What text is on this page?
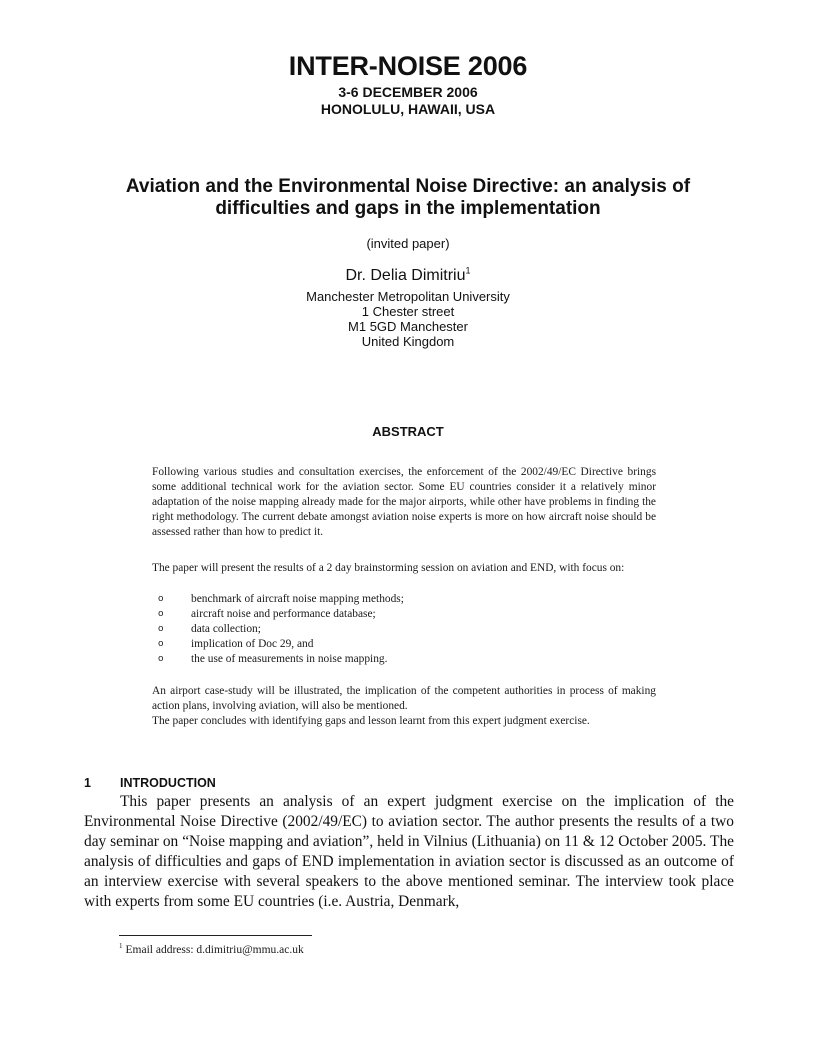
INTER-NOISE 2006
3-6 DECEMBER 2006
HONOLULU, HAWAII, USA
Aviation and the Environmental Noise Directive: an analysis of
difficulties and gaps in the implementation
(invited paper)
Dr. Delia Dimitriu$^1$
Manchester Metropolitan University
1 Chester street
M1 5GD Manchester
United Kingdom
ABSTRACT

Following various studies and consultation exercises, the enforcement of the 2002/49/EC Directive brings some additional technical work for the aviation sector. Some EU countries consider it a relatively minor adaptation of the noise mapping already made for the major airports, while other have problems in finding the right methodology. The current debate amongst aviation noise experts is more on how aircraft noise should be assessed rather than how to predict it.

The paper will present the results of a 2 day brainstorming session on aviation and END, with focus on:

o benchmark of aircraft noise mapping methods;
o aircraft noise and performance database;
o data collection;
o implication of Doc 29, and
o the use of measurements in noise mapping.

An airport case-study will be illustrated, the implication of the competent authorities in process of making action plans, involving aviation, will also be mentioned.

The paper concludes with identifying gaps and lesson learnt from this expert judgment exercise.

1 INTRODUCTION

This paper presents an analysis of an expert judgment exercise on the implication of the Environmental Noise Directive (2002/49/EC) to aviation sector. The author presents the results of a two day seminar on “Noise mapping and aviation”, held in Vilnius (Lithuania) on 11 & 12 October 2005. The analysis of difficulties and gaps of END implementation in aviation sector is discussed as an outcome of an interview exercise with several speakers to the above mentioned seminar. The interview took place with experts from some EU countries (i.e. Austria, Denmark,

$^1$ Email address: d.dimitriu@mmu.ac.uk
